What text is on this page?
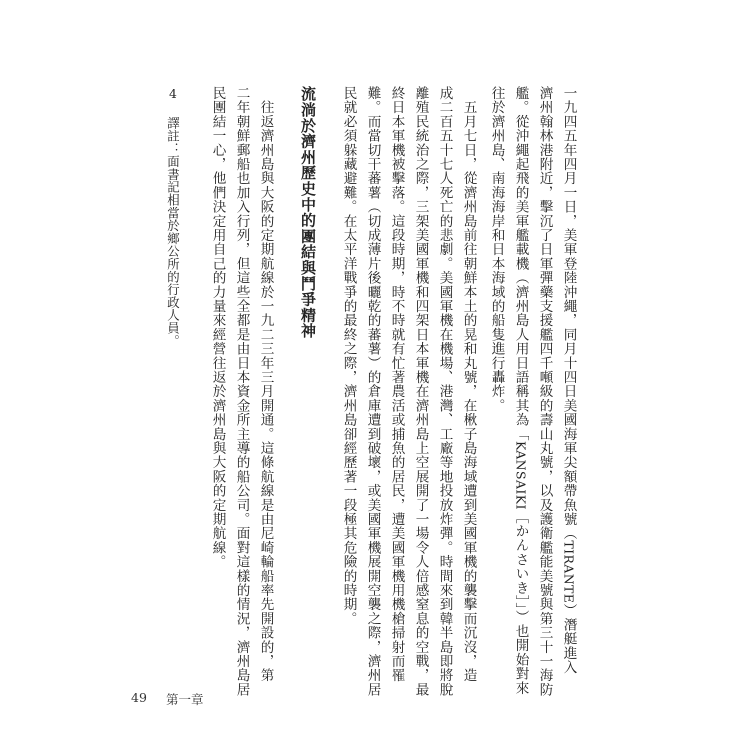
一九四五年四月一日，美軍登陸沖繩，同月十四日美國海軍尖額帶魚號（TIRANTE）潛艇進入
濟州翰林港附近，擊沉了日軍彈藥支援艦四千噸級的壽山丸號，以及護衛艦能美號與第三十一海防
艦。從沖繩起飛的美軍艦載機（濟州島人用日語稱其為「KANSAIKI［かんさいき］」）也開始對來
往於濟州島、南海海岸和日本海域的船隻進行轟炸。
　五月七日，從濟州島前往朝鮮本土的晃和丸號，在楸子島海域遭到美國軍機的襲擊而沉沒，造
成二百五十七人死亡的悲劇。美國軍機在機場、港灣、工廠等地投放炸彈。時間來到韓半島即將脫
離殖民統治之際，三架美國軍機和四架日本軍機在濟州島上空展開了一場令人倍感窒息的空戰，最
終日本軍機被擊落。這段時期，時不時就有忙著農活或捕魚的居民，遭美國軍機用機槍掃射而罹
難。而當切干蕃薯（切成薄片後曬乾的蕃薯）的倉庫遭到破壞，或美國軍機展開空襲之際，濟州居
民就必須躲藏避難。在太平洋戰爭的最終之際，濟州島卻經歷著一段極其危險的時期。
流淌於濟州歷史中的團結與鬥爭精神
　往返濟州島與大阪的定期航線於一九二三年三月開通。這條航線是由尼崎輪船率先開設的，第
二年朝鮮郵船也加入行列，但這些全都是由日本資金所主導的船公司。面對這樣的情況，濟州島居
民團結一心，他們決定用自己的力量來經營往返於濟州島與大阪的定期航線。
4 譯註：面書記相當於鄉公所的行政人員。
49 第一章
